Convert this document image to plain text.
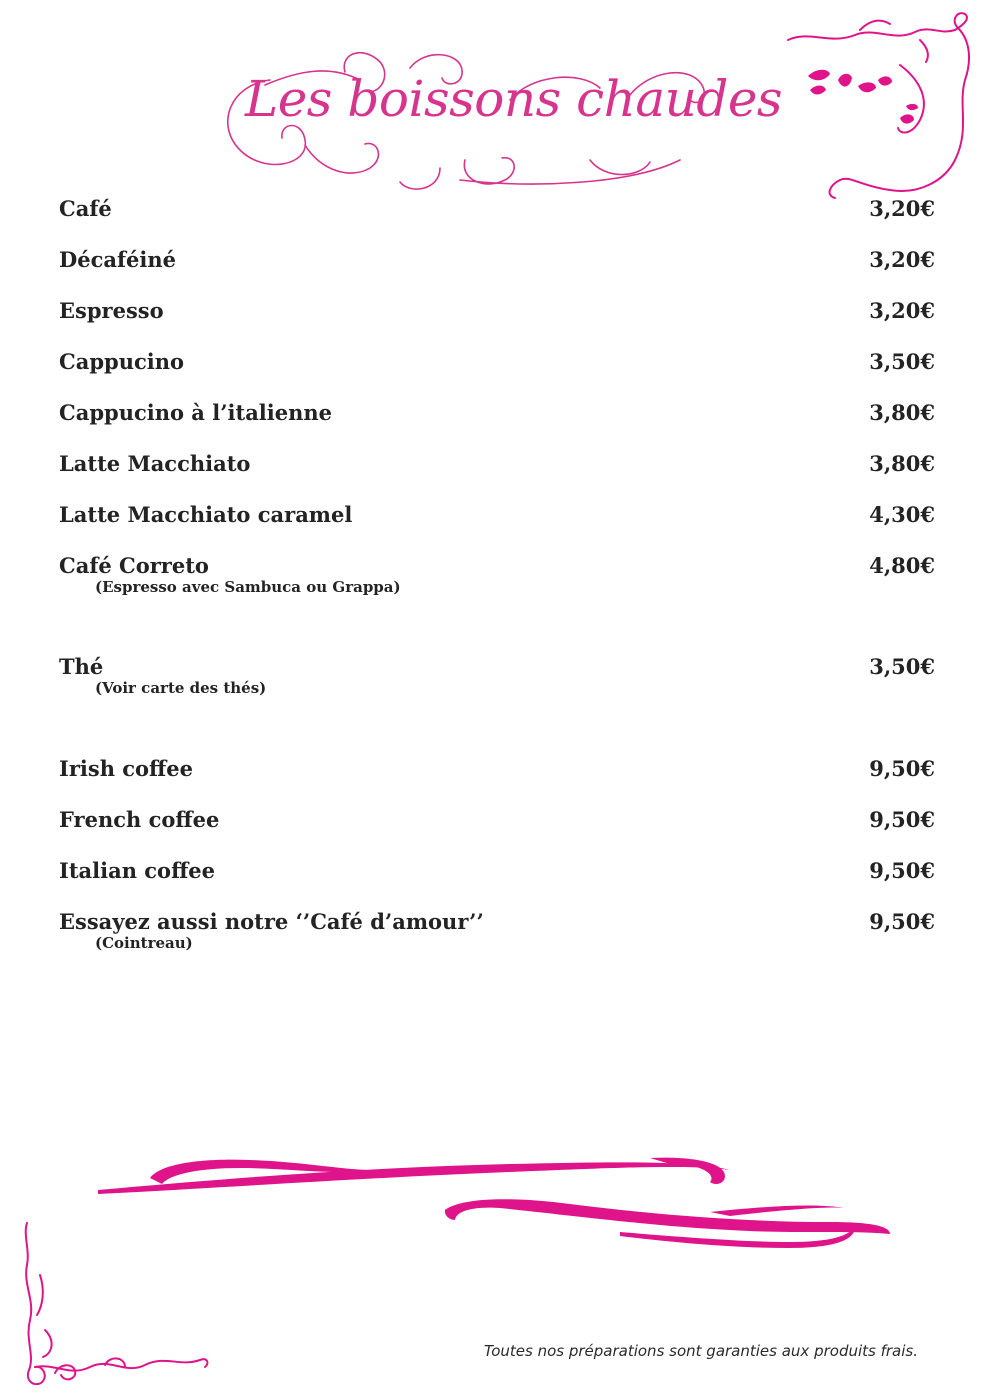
Les boissons chaudes
Café	3,20€
Décaféiné	3,20€
Espresso	3,20€
Cappucino	3,50€
Cappucino à l’italienne	3,80€
Latte Macchiato	3,80€
Latte Macchiato caramel	4,30€
Café Correto	4,80€
(Espresso avec Sambuca ou Grappa)
Thé	3,50€
(Voir carte des thés)
Irish coffee	9,50€
French coffee	9,50€
Italian coffee	9,50€
Essayez aussi notre ‘’Café d’amour’’	9,50€
(Cointreau)

Toutes nos préparations sont garanties aux produits frais.
